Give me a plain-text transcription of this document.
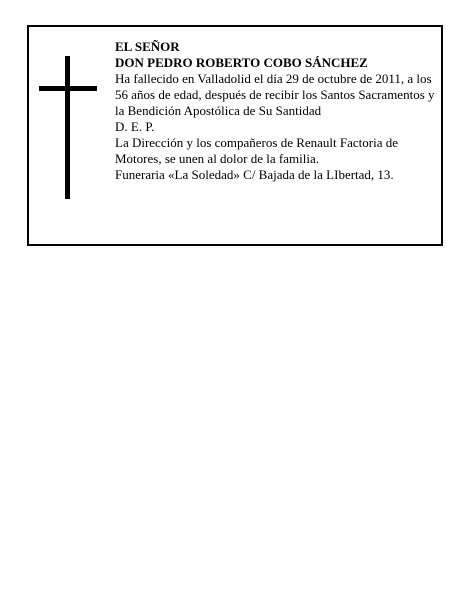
EL SEÑOR

DON PEDRO ROBERTO COBO SÁNCHEZ

Ha fallecido en Valladolid el día 29 de octubre de 2011, a los 56 años de edad, después de recibir los Santos Sacramentos y la Bendición Apostólica de Su Santidad

D. E. P.

La Dirección y los compañeros de Renault Factoria de Motores, se unen al dolor de la familia.

Funeraria «La Soledad» C/ Bajada de la LIbertad, 13.
